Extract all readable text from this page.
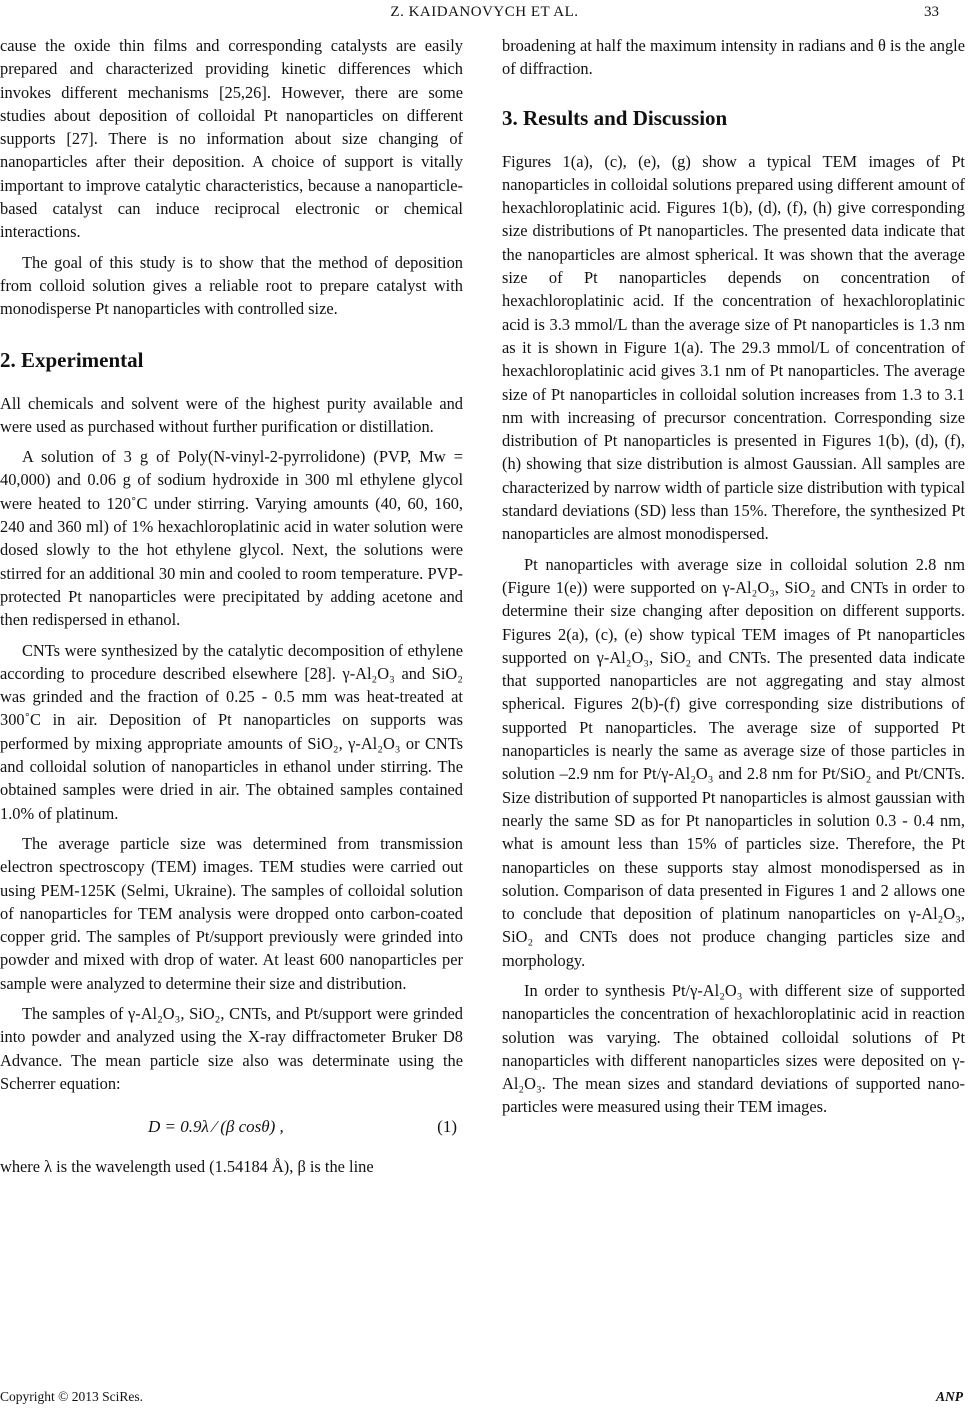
Z. KAIDANOVYCH ET AL.	33

cause the oxide thin films and corresponding catalysts are easily prepared and characterized providing kinetic differences which invokes different mechanisms [25,26]. However, there are some studies about deposition of colloidal Pt nanoparticles on different supports [27]. There is no information about size changing of nanoparticles after their deposition. A choice of support is vitally important to improve catalytic characteristics, because a nanoparticle-based catalyst can induce reciprocal electronic or chemical interactions.

The goal of this study is to show that the method of deposition from colloid solution gives a reliable root to prepare catalyst with monodisperse Pt nanoparticles with controlled size.

2. Experimental

All chemicals and solvent were of the highest purity available and were used as purchased without further purification or distillation.

A solution of 3 g of Poly(N-vinyl-2-pyrrolidone) (PVP, Mw = 40,000) and 0.06 g of sodium hydroxide in 300 ml ethylene glycol were heated to 120˚C under stirring. Varying amounts (40, 60, 160, 240 and 360 ml) of 1% hexachloroplatinic acid in water solution were dosed slowly to the hot ethylene glycol. Next, the solutions were stirred for an additional 30 min and cooled to room temperature. PVP-protected Pt nanoparticles were precipitated by adding acetone and then redispersed in ethanol.

CNTs were synthesized by the catalytic decomposition of ethylene according to procedure described elsewhere [28]. γ-Al₂O₃ and SiO₂ was grinded and the fraction of 0.25 - 0.5 mm was heat-treated at 300˚C in air. Deposition of Pt nanoparticles on supports was performed by mixing appropriate amounts of SiO₂, γ-Al₂O₃ or CNTs and colloidal solution of nanoparticles in ethanol under stirring. The obtained samples were dried in air. The obtained samples contained 1.0% of platinum.

The average particle size was determined from transmission electron spectroscopy (TEM) images. TEM studies were carried out using PEM-125K (Selmi, Ukraine). The samples of colloidal solution of nanoparticles for TEM analysis were dropped onto carbon-coated copper grid. The samples of Pt/support previously were grinded into powder and mixed with drop of water. At least 600 nanoparticles per sample were analyzed to determine their size and distribution.

The samples of γ-Al₂O₃, SiO₂, CNTs, and Pt/support were grinded into powder and analyzed using the X-ray diffractometer Bruker D8 Advance. The mean particle size also was determinate using the Scherrer equation:

D = 0.9λ ⁄ (β cosθ) ,	(1)

where λ is the wavelength used (1.54184 Å), β is the line

broadening at half the maximum intensity in radians and θ is the angle of diffraction.

3. Results and Discussion

Figures 1(a), (c), (e), (g) show a typical TEM images of Pt nanoparticles in colloidal solutions prepared using different amount of hexachloroplatinic acid. Figures 1(b), (d), (f), (h) give corresponding size distributions of Pt nanoparticles. The presented data indicate that the nanoparticles are almost spherical. It was shown that the average size of Pt nanoparticles depends on concentration of hexachloroplatinic acid. If the concentration of hexachloroplatinic acid is 3.3 mmol/L than the average size of Pt nanoparticles is 1.3 nm as it is shown in Figure 1(a). The 29.3 mmol/L of concentration of hexachloroplatinic acid gives 3.1 nm of Pt nanoparticles. The average size of Pt nanoparticles in colloidal solution increases from 1.3 to 3.1 nm with increasing of precursor concentration. Corresponding size distribution of Pt nanoparticles is presented in Figures 1(b), (d), (f), (h) showing that size distribution is almost Gaussian. All samples are characterized by narrow width of particle size distribution with typical standard deviations (SD) less than 15%. Therefore, the synthesized Pt nanoparticles are almost monodispersed.

Pt nanoparticles with average size in colloidal solution 2.8 nm (Figure 1(e)) were supported on γ-Al₂O₃, SiO₂ and CNTs in order to determine their size changing after deposition on different supports. Figures 2(a), (c), (e) show typical TEM images of Pt nanoparticles supported on γ-Al₂O₃, SiO₂ and CNTs. The presented data indicate that supported nanoparticles are not aggregating and stay almost spherical. Figures 2(b)-(f) give corresponding size distributions of supported Pt nanoparticles. The average size of supported Pt nanoparticles is nearly the same as average size of those particles in solution –2.9 nm for Pt/γ-Al₂O₃ and 2.8 nm for Pt/SiO₂ and Pt/CNTs. Size distribution of supported Pt nanoparticles is almost gaussian with nearly the same SD as for Pt nanoparticles in solution 0.3 - 0.4 nm, what is amount less than 15% of particles size. Therefore, the Pt nanoparticles on these supports stay almost monodispersed as in solution. Comparison of data presented in Figures 1 and 2 allows one to conclude that deposition of platinum nanoparticles on γ-Al₂O₃, SiO₂ and CNTs does not produce changing particles size and morphology.

In order to synthesis Pt/γ-Al₂O₃ with different size of supported nanoparticles the concentration of hexachloroplatinic acid in reaction solution was varying. The obtained colloidal solutions of Pt nanoparticles with different nanoparticles sizes were deposited on γ-Al₂O₃. The mean sizes and standard deviations of supported nanoparticles were measured using their TEM images.

Copyright © 2013 SciRes.	ANP
